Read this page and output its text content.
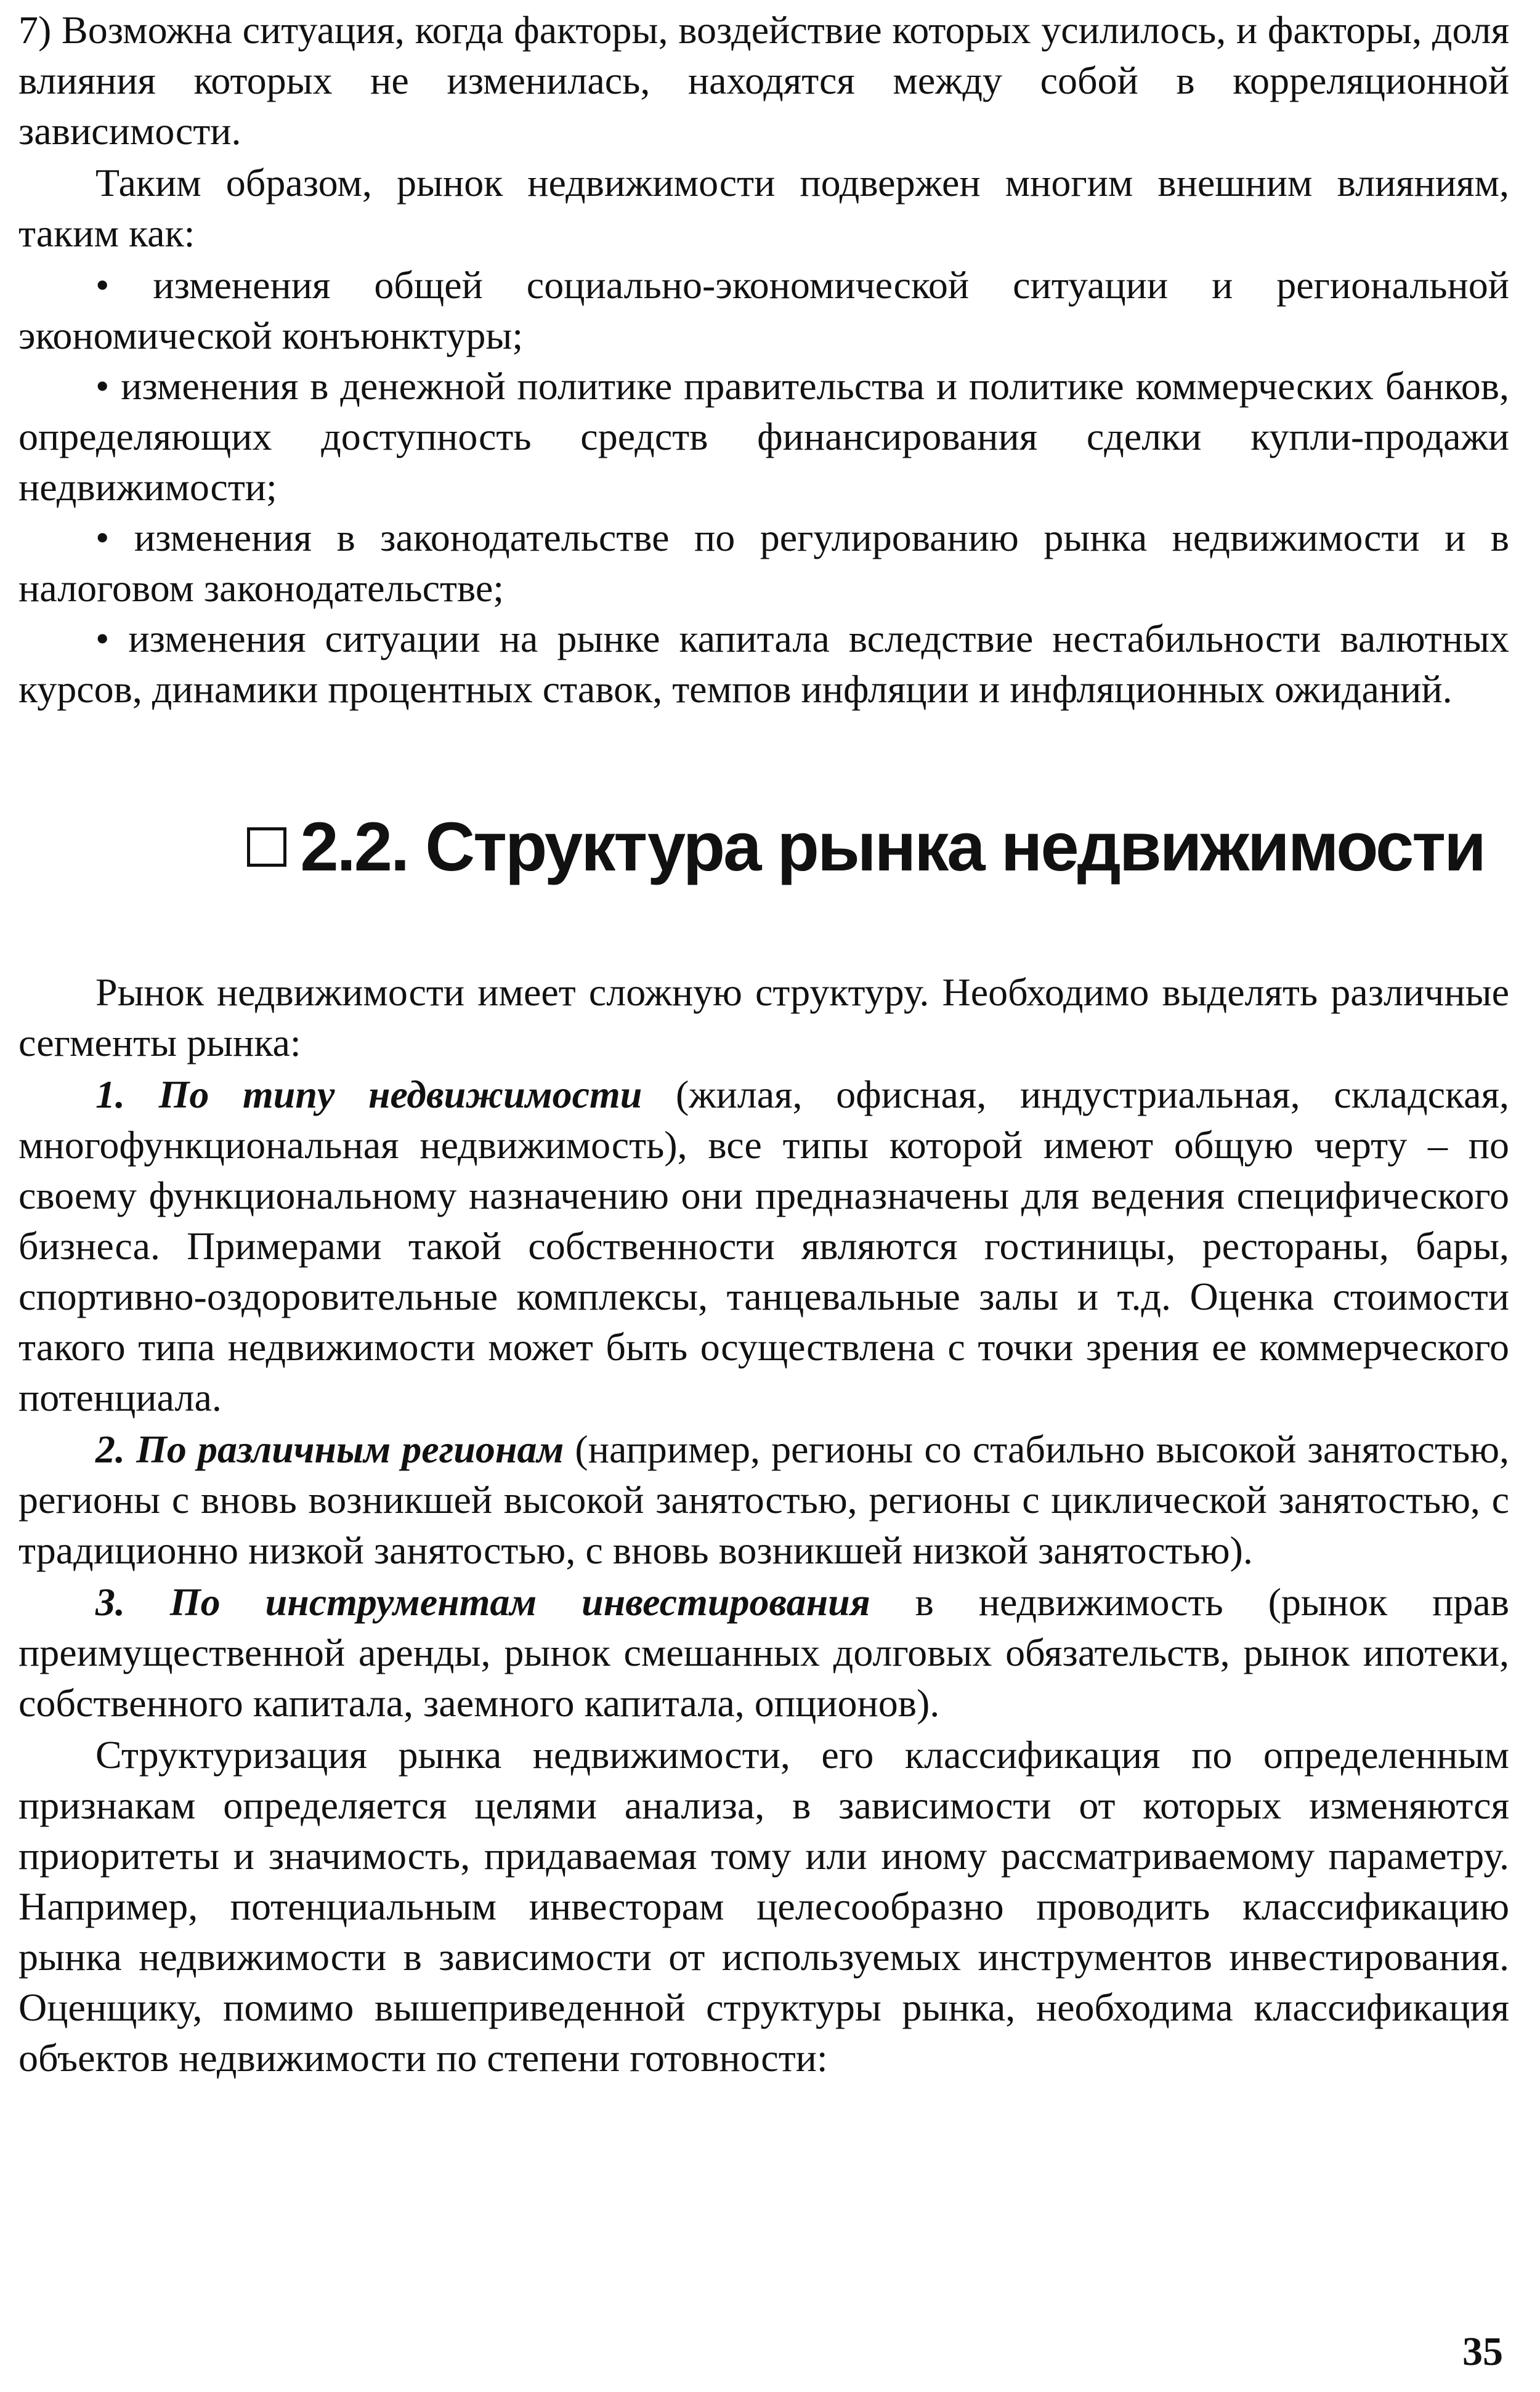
7) Возможна ситуация, когда факторы, воздействие которых усилилось, и факторы, доля влияния которых не изменилась, находятся между собой в корреляционной зависимости.

Таким образом, рынок недвижимости подвержен многим внешним влияниям, таким как:

• изменения общей социально-экономической ситуации и региональной экономической конъюнктуры;

• изменения в денежной политике правительства и политике коммерческих банков, определяющих доступность средств финансирования сделки купли-продажи недвижимости;

• изменения в законодательстве по регулированию рынка недвижимости и в налоговом законодательстве;

• изменения ситуации на рынке капитала вследствие нестабильности валютных курсов, динамики процентных ставок, темпов инфляции и инфляционных ожиданий.

2.2. Структура рынка недвижимости

Рынок недвижимости имеет сложную структуру. Необходимо выделять различные сегменты рынка:

1. По типу недвижимости (жилая, офисная, индустриальная, складская, многофункциональная недвижимость), все типы которой имеют общую черту – по своему функциональному назначению они предназначены для ведения специфического бизнеса. Примерами такой собственности являются гостиницы, рестораны, бары, спортивно-оздоровительные комплексы, танцевальные залы и т.д. Оценка стоимости такого типа недвижимости может быть осуществлена с точки зрения ее коммерческого потенциала.

2. По различным регионам (например, регионы со стабильно высокой занятостью, регионы с вновь возникшей высокой занятостью, регионы с циклической занятостью, с традиционно низкой занятостью, с вновь возникшей низкой занятостью).

3. По инструментам инвестирования в недвижимость (рынок прав преимущественной аренды, рынок смешанных долговых обязательств, рынок ипотеки, собственного капитала, заемного капитала, опционов).

Структуризация рынка недвижимости, его классификация по определенным признакам определяется целями анализа, в зависимости от которых изменяются приоритеты и значимость, придаваемая тому или иному рассматриваемому параметру. Например, потенциальным инвесторам целесообразно проводить классификацию рынка недвижимости в зависимости от используемых инструментов инвестирования. Оценщику, помимо вышеприведенной структуры рынка, необходима классификация объектов недвижимости по степени готовности:

35
